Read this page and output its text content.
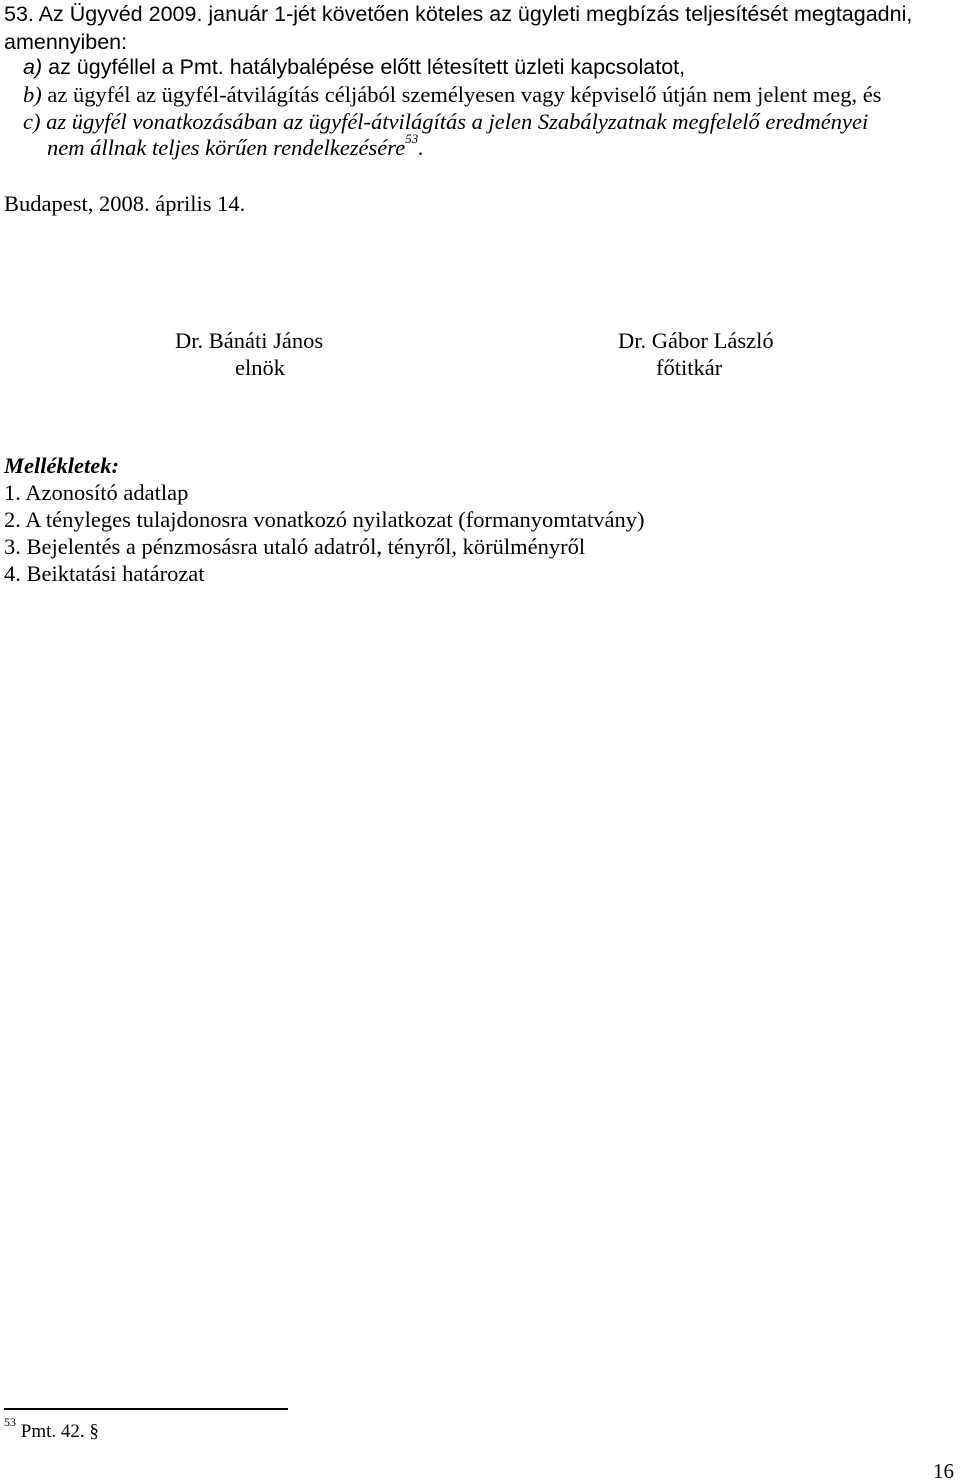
53. Az Ügyvéd 2009. január 1-jét követően köteles az ügyleti megbízás teljesítését megtagadni,
amennyiben:
a) az ügyféllel a Pmt. hatálybalépése előtt létesített üzleti kapcsolatot,
b) az ügyfél az ügyfél-átvilágítás céljából személyesen vagy képviselő útján nem jelent meg, és
c) az ügyfél vonatkozásában az ügyfél-átvilágítás a jelen Szabályzatnak megfelelő eredményei
nem állnak teljes körűen rendelkezésére$^{53}$.
Budapest, 2008. április 14.
Dr. Bánáti János
elnök
Dr. Gábor László
főtitkár
Mellékletek:
1. Azonosító adatlap
2. A tényleges tulajdonosra vonatkozó nyilatkozat (formanyomtatvány)
3. Bejelentés a pénzmosásra utaló adatról, tényről, körülményről
4. Beiktatási határozat
$^{53}$ Pmt. 42. §
16
